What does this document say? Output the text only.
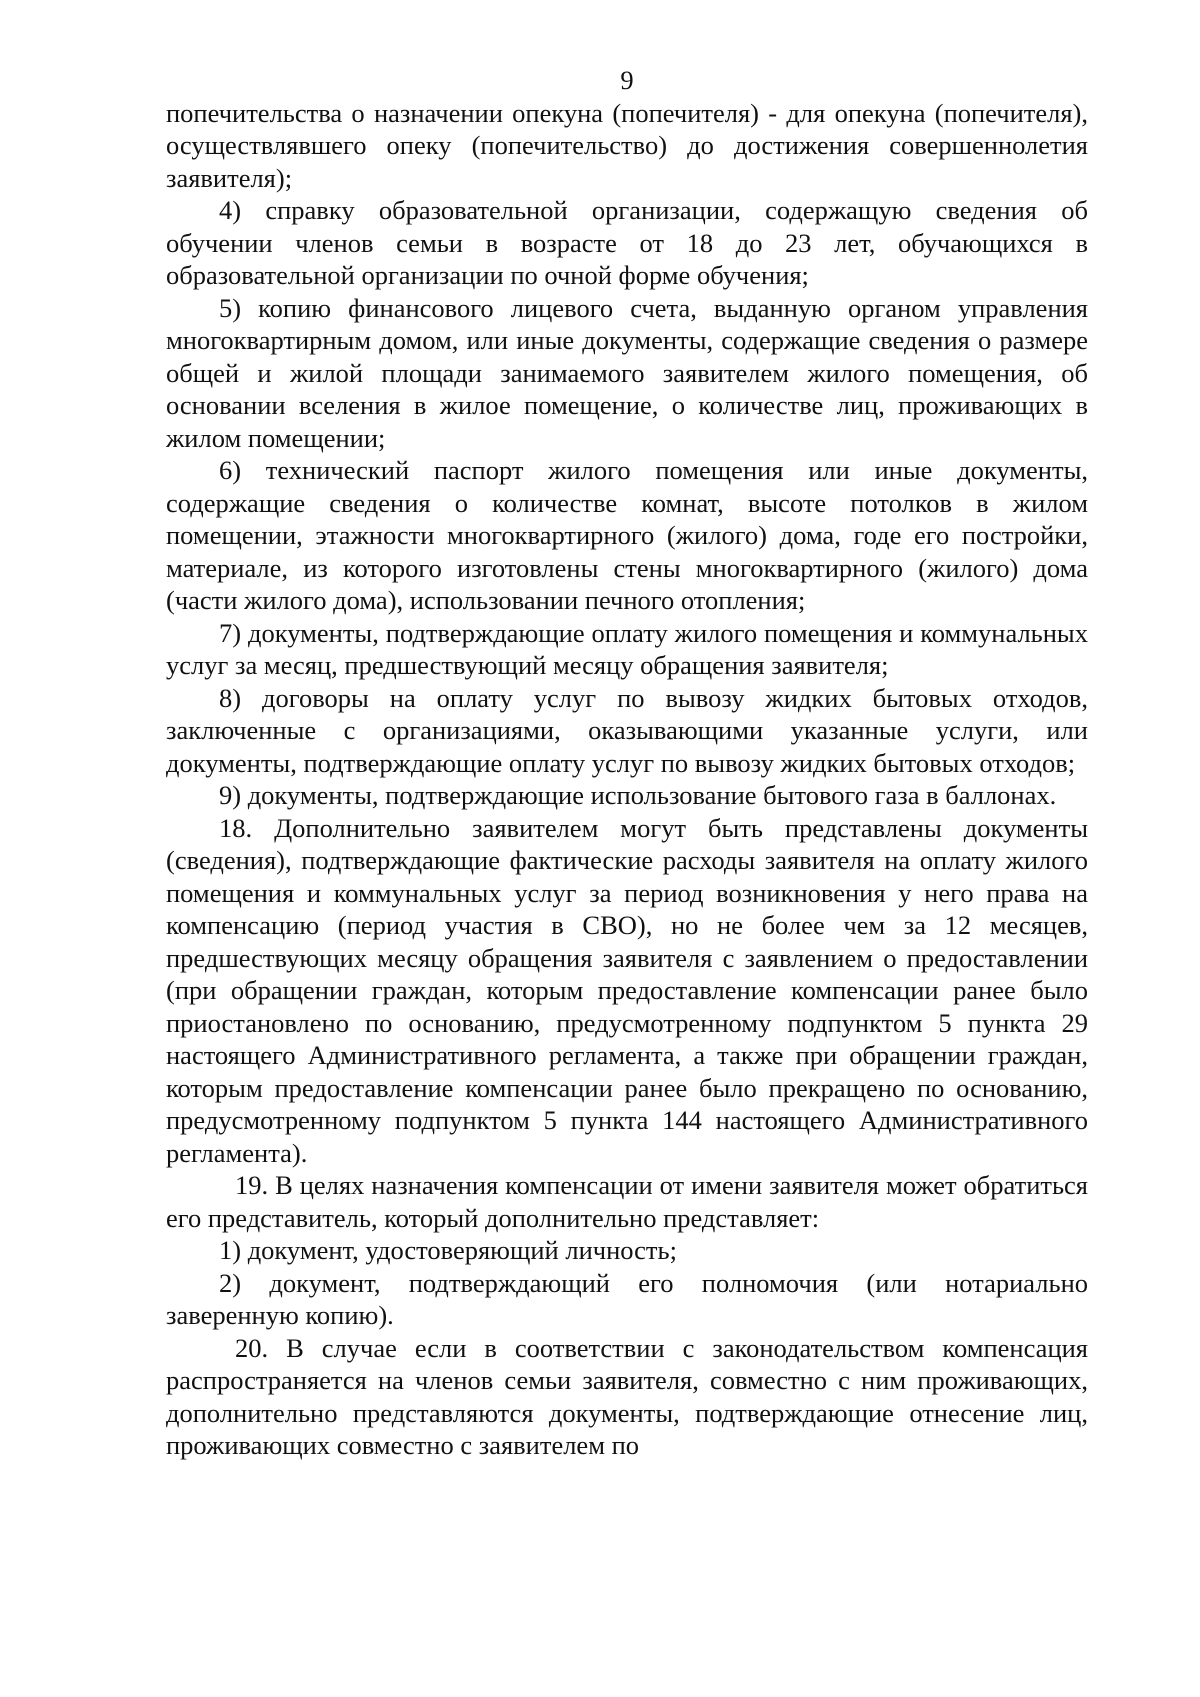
9

попечительства о назначении опекуна (попечителя) - для опекуна (попечителя), осуществлявшего опеку (попечительство) до достижения совершеннолетия заявителя);

4) справку образовательной организации, содержащую сведения об обучении членов семьи в возрасте от 18 до 23 лет, обучающихся в образовательной организации по очной форме обучения;

5) копию финансового лицевого счета, выданную органом управления многоквартирным домом, или иные документы, содержащие сведения о размере общей и жилой площади занимаемого заявителем жилого помещения, об основании вселения в жилое помещение, о количестве лиц, проживающих в жилом помещении;

6) технический паспорт жилого помещения или иные документы, содержащие сведения о количестве комнат, высоте потолков в жилом помещении, этажности многоквартирного (жилого) дома, годе его постройки, материале, из которого изготовлены стены многоквартирного (жилого) дома (части жилого дома), использовании печного отопления;

7) документы, подтверждающие оплату жилого помещения и коммунальных услуг за месяц, предшествующий месяцу обращения заявителя;

8) договоры на оплату услуг по вывозу жидких бытовых отходов, заключенные с организациями, оказывающими указанные услуги, или документы, подтверждающие оплату услуг по вывозу жидких бытовых отходов;

9) документы, подтверждающие использование бытового газа в баллонах.

18. Дополнительно заявителем могут быть представлены документы (сведения), подтверждающие фактические расходы заявителя на оплату жилого помещения и коммунальных услуг за период возникновения у него права на компенсацию (период участия в СВО), но не более чем за 12 месяцев, предшествующих месяцу обращения заявителя с заявлением о предоставлении (при обращении граждан, которым предоставление компенсации ранее было приостановлено по основанию, предусмотренному подпунктом 5 пункта 29 настоящего Административного регламента, а также при обращении граждан, которым предоставление компенсации ранее было прекращено по основанию, предусмотренному подпунктом 5 пункта 144 настоящего Административного регламента).

19. В целях назначения компенсации от имени заявителя может обратиться его представитель, который дополнительно представляет:

1) документ, удостоверяющий личность;

2) документ, подтверждающий его полномочия (или нотариально заверенную копию).

20. В случае если в соответствии с законодательством компенсация распространяется на членов семьи заявителя, совместно с ним проживающих, дополнительно представляются документы, подтверждающие отнесение лиц, проживающих совместно с заявителем по
